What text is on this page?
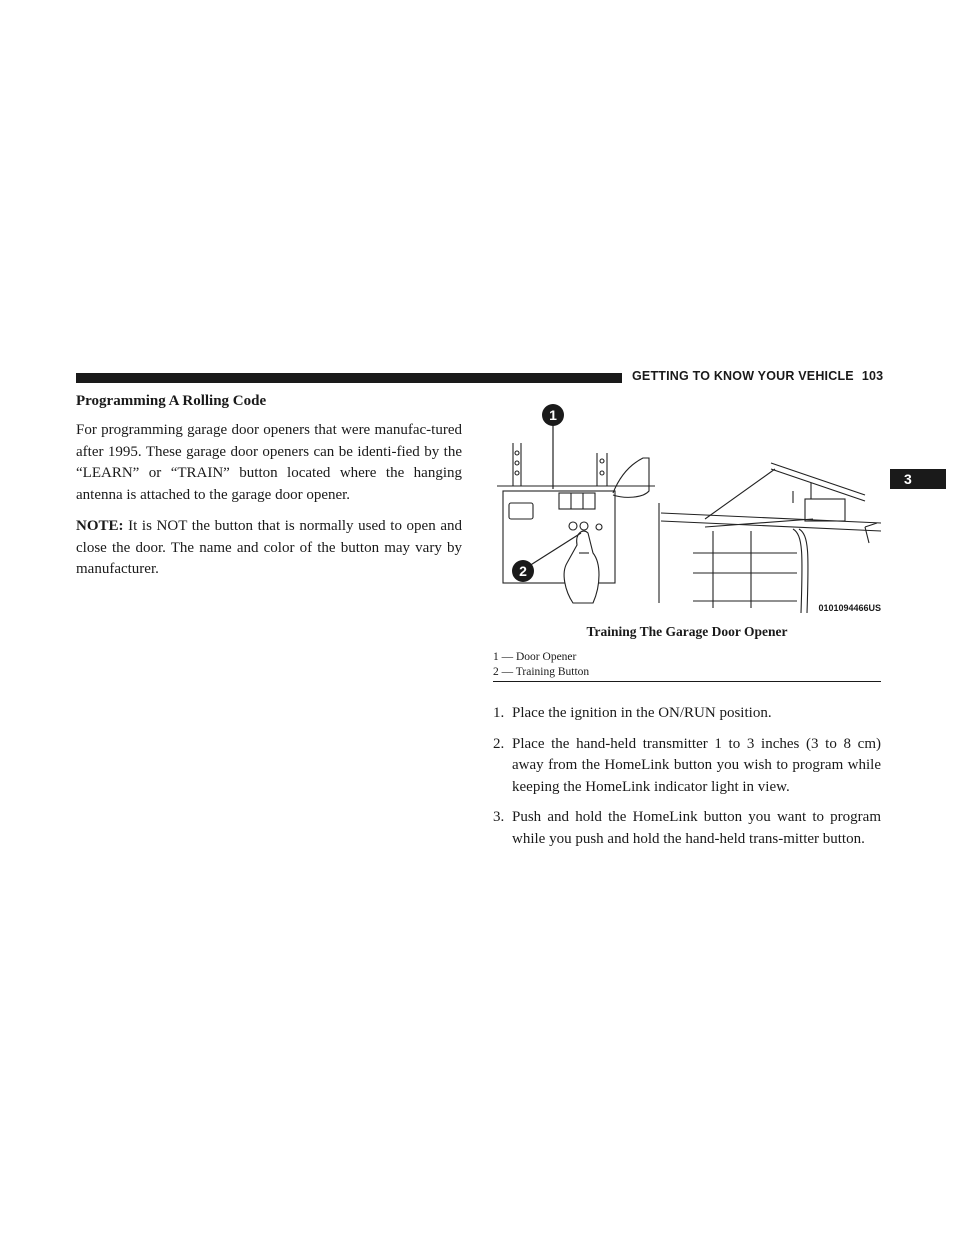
GETTING TO KNOW YOUR VEHICLE 103
3
Programming A Rolling Code

For programming garage door openers that were manufac-tured after 1995. These garage door openers can be identi-fied by the “LEARN” or “TRAIN” button located where the hanging antenna is attached to the garage door opener.

NOTE: It is NOT the button that is normally used to open and close the door. The name and color of the button may vary by manufacturer.

1
2
0101094466US
Training The Garage Door Opener
1 — Door Opener
2 — Training Button

1. Place the ignition in the ON/RUN position.

2. Place the hand-held transmitter 1 to 3 inches (3 to 8 cm) away from the HomeLink button you wish to program while keeping the HomeLink indicator light in view.

3. Push and hold the HomeLink button you want to program while you push and hold the hand-held trans-mitter button.
